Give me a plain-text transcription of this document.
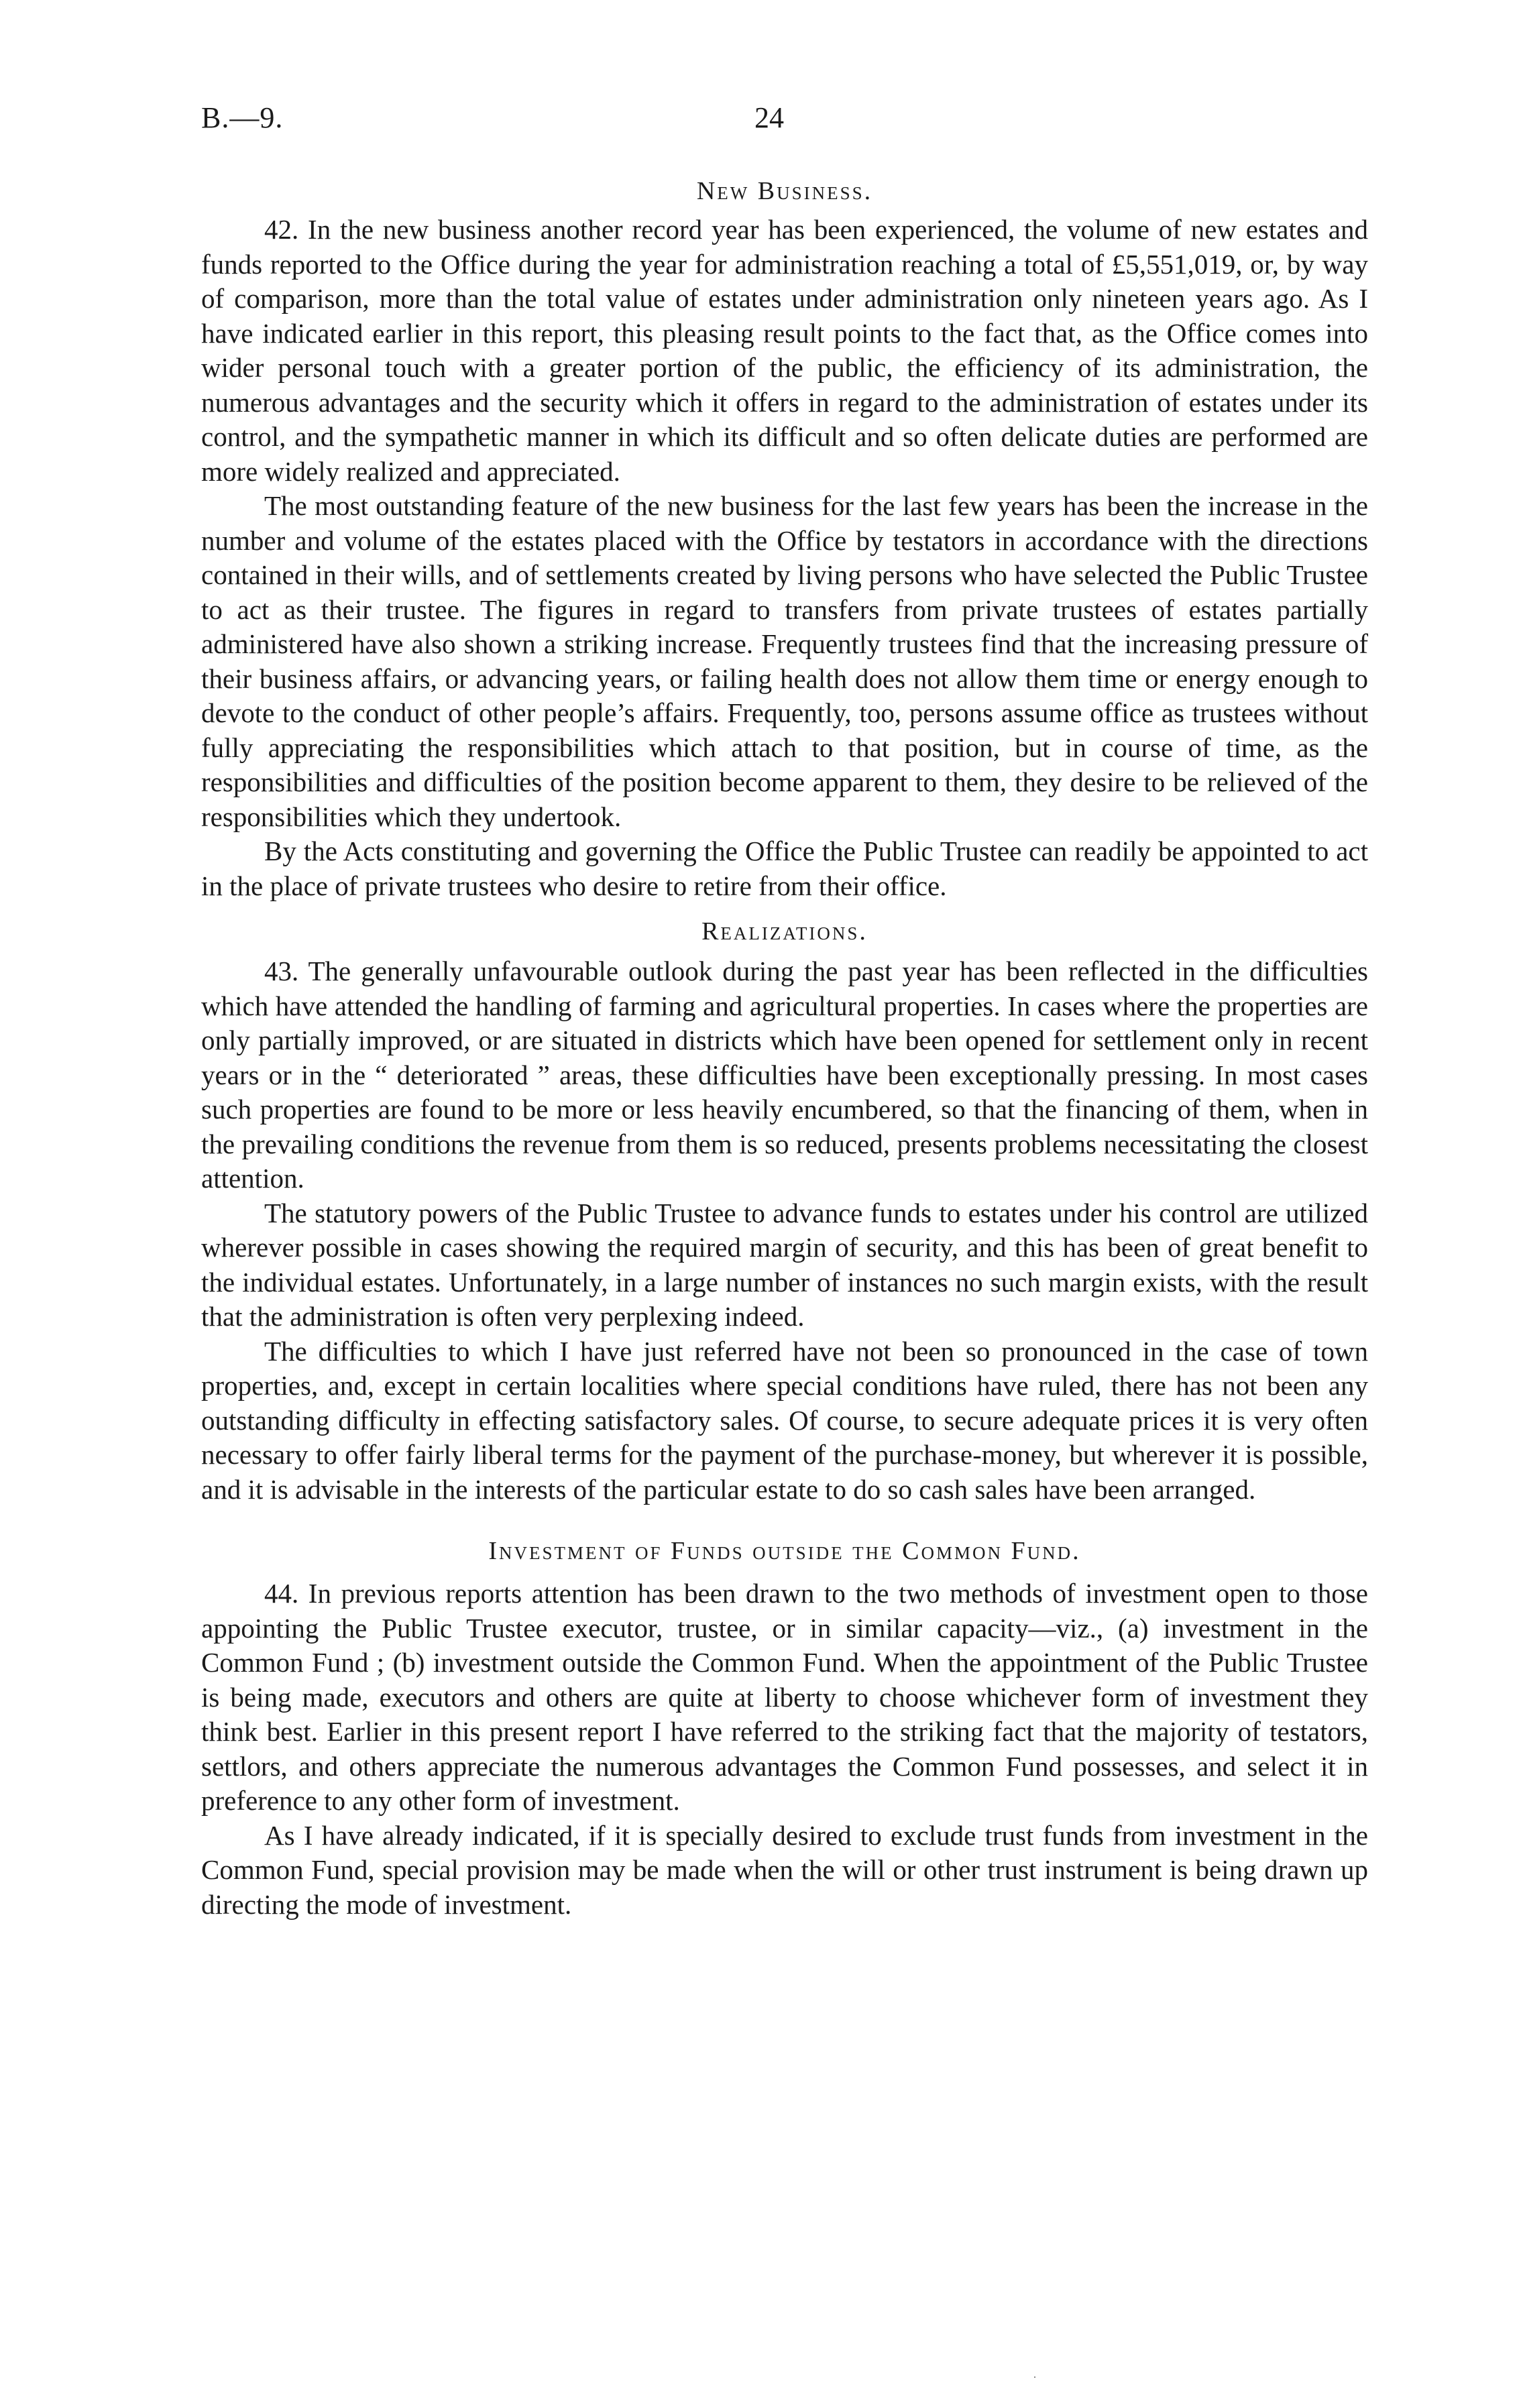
B.—9.	24
New Business.

42. In the new business another record year has been experienced, the volume of new estates and funds reported to the Office during the year for administration reaching a total of £5,551,019, or, by way of comparison, more than the total value of estates under administration only nineteen years ago. As I have indicated earlier in this report, this pleasing result points to the fact that, as the Office comes into wider personal touch with a greater portion of the public, the efficiency of its administration, the numerous advantages and the security which it offers in regard to the administration of estates under its control, and the sympathetic manner in which its difficult and so often delicate duties are performed are more widely realized and appreciated.

The most outstanding feature of the new business for the last few years has been the increase in the number and volume of the estates placed with the Office by testators in accordance with the directions contained in their wills, and of settlements created by living persons who have selected the Public Trustee to act as their trustee. The figures in regard to transfers from private trustees of estates partially administered have also shown a striking increase. Frequently trustees find that the increasing pressure of their business affairs, or advancing years, or failing health does not allow them time or energy enough to devote to the conduct of other people’s affairs. Frequently, too, persons assume office as trustees without fully appreciating the responsibilities which attach to that position, but in course of time, as the responsibilities and difficulties of the position become apparent to them, they desire to be relieved of the responsibilities which they undertook.

By the Acts constituting and governing the Office the Public Trustee can readily be appointed to act in the place of private trustees who desire to retire from their office.

Realizations.

43. The generally unfavourable outlook during the past year has been reflected in the difficulties which have attended the handling of farming and agricultural properties. In cases where the properties are only partially improved, or are situated in districts which have been opened for settlement only in recent years or in the “ deteriorated ” areas, these difficulties have been exceptionally pressing. In most cases such properties are found to be more or less heavily encumbered, so that the financing of them, when in the prevailing conditions the revenue from them is so reduced, presents problems necessitating the closest attention.

The statutory powers of the Public Trustee to advance funds to estates under his control are utilized wherever possible in cases showing the required margin of security, and this has been of great benefit to the individual estates. Unfortunately, in a large number of instances no such margin exists, with the result that the administration is often very perplexing indeed.

The difficulties to which I have just referred have not been so pronounced in the case of town properties, and, except in certain localities where special conditions have ruled, there has not been any outstanding difficulty in effecting satisfactory sales. Of course, to secure adequate prices it is very often necessary to offer fairly liberal terms for the payment of the purchase-money, but wherever it is possible, and it is advisable in the interests of the particular estate to do so cash sales have been arranged.

Investment of Funds outside the Common Fund.

44. In previous reports attention has been drawn to the two methods of investment open to those appointing the Public Trustee executor, trustee, or in similar capacity—viz., (a) investment in the Common Fund ; (b) investment outside the Common Fund. When the appointment of the Public Trustee is being made, executors and others are quite at liberty to choose whichever form of investment they think best. Earlier in this present report I have referred to the striking fact that the majority of testators, settlors, and others appreciate the numerous advantages the Common Fund possesses, and select it in preference to any other form of investment.

As I have already indicated, if it is specially desired to exclude trust funds from investment in the Common Fund, special provision may be made when the will or other trust instrument is being drawn up directing the mode of investment.

·
